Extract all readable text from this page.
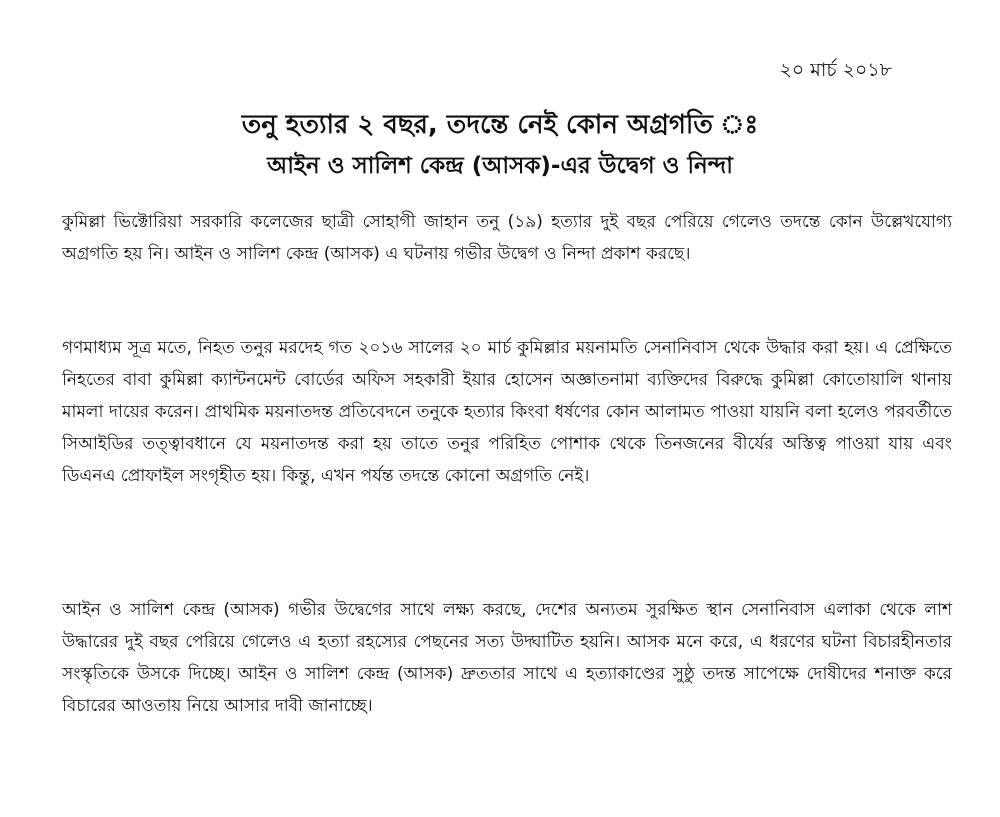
২০ মার্চ ২০১৮
তনু হত্যার ২ বছর, তদন্তে নেই কোন অগ্রগতি ঃ
আইন ও সালিশ কেন্দ্র (আসক)-এর উদ্বেগ ও নিন্দা

কুমিল্লা ভিক্টোরিয়া সরকারি কলেজের ছাত্রী সোহাগী জাহান তনু (১৯) হত্যার দুই বছর পেরিয়ে গেলেও তদন্তে কোন উল্লেখযোগ্য অগ্রগতি হয় নি। আইন ও সালিশ কেন্দ্র (আসক) এ ঘটনায় গভীর উদ্বেগ ও নিন্দা প্রকাশ করছে।

গণমাধ্যম সূত্র মতে, নিহত তনুর মরদেহ গত ২০১৬ সালের ২০ মার্চ কুমিল্লার ময়নামতি সেনানিবাস থেকে উদ্ধার করা হয়। এ প্রেক্ষিতে নিহতের বাবা কুমিল্লা ক্যান্টনমেন্ট বোর্ডের অফিস সহকারী ইয়ার হোসেন অজ্ঞাতনামা ব্যক্তিদের বিরুদ্ধে কুমিল্লা কোতোয়ালি থানায় মামলা দায়ের করেন। প্রাথমিক ময়নাতদন্ত প্রতিবেদনে তনুকে হত্যার কিংবা ধর্ষণের কোন আলামত পাওয়া যায়নি বলা হলেও পরবর্তীতে সিআইডির তত্ত্বাবধানে যে ময়নাতদন্ত করা হয় তাতে তনুর পরিহিত পোশাক থেকে তিনজনের বীর্যের অস্তিত্ব পাওয়া যায় এবং ডিএনএ প্রোফাইল সংগৃহীত হয়। কিন্তু, এখন পর্যন্ত তদন্তে কোনো অগ্রগতি নেই।

আইন ও সালিশ কেন্দ্র (আসক) গভীর উদ্বেগের সাথে লক্ষ্য করছে, দেশের অন্যতম সুরক্ষিত স্থান সেনানিবাস এলাকা থেকে লাশ উদ্ধারের দুই বছর পেরিয়ে গেলেও এ হত্যা রহস্যের পেছনের সত্য উদ্ঘাটিত হয়নি। আসক মনে করে, এ ধরণের ঘটনা বিচারহীনতার সংস্কৃতিকে উসকে দিচ্ছে। আইন ও সালিশ কেন্দ্র (আসক) দ্রুততার সাথে এ হত্যাকাণ্ডের সুষ্ঠু তদন্ত সাপেক্ষে দোষীদের শনাক্ত করে বিচারের আওতায় নিয়ে আসার দাবী জানাচ্ছে।
